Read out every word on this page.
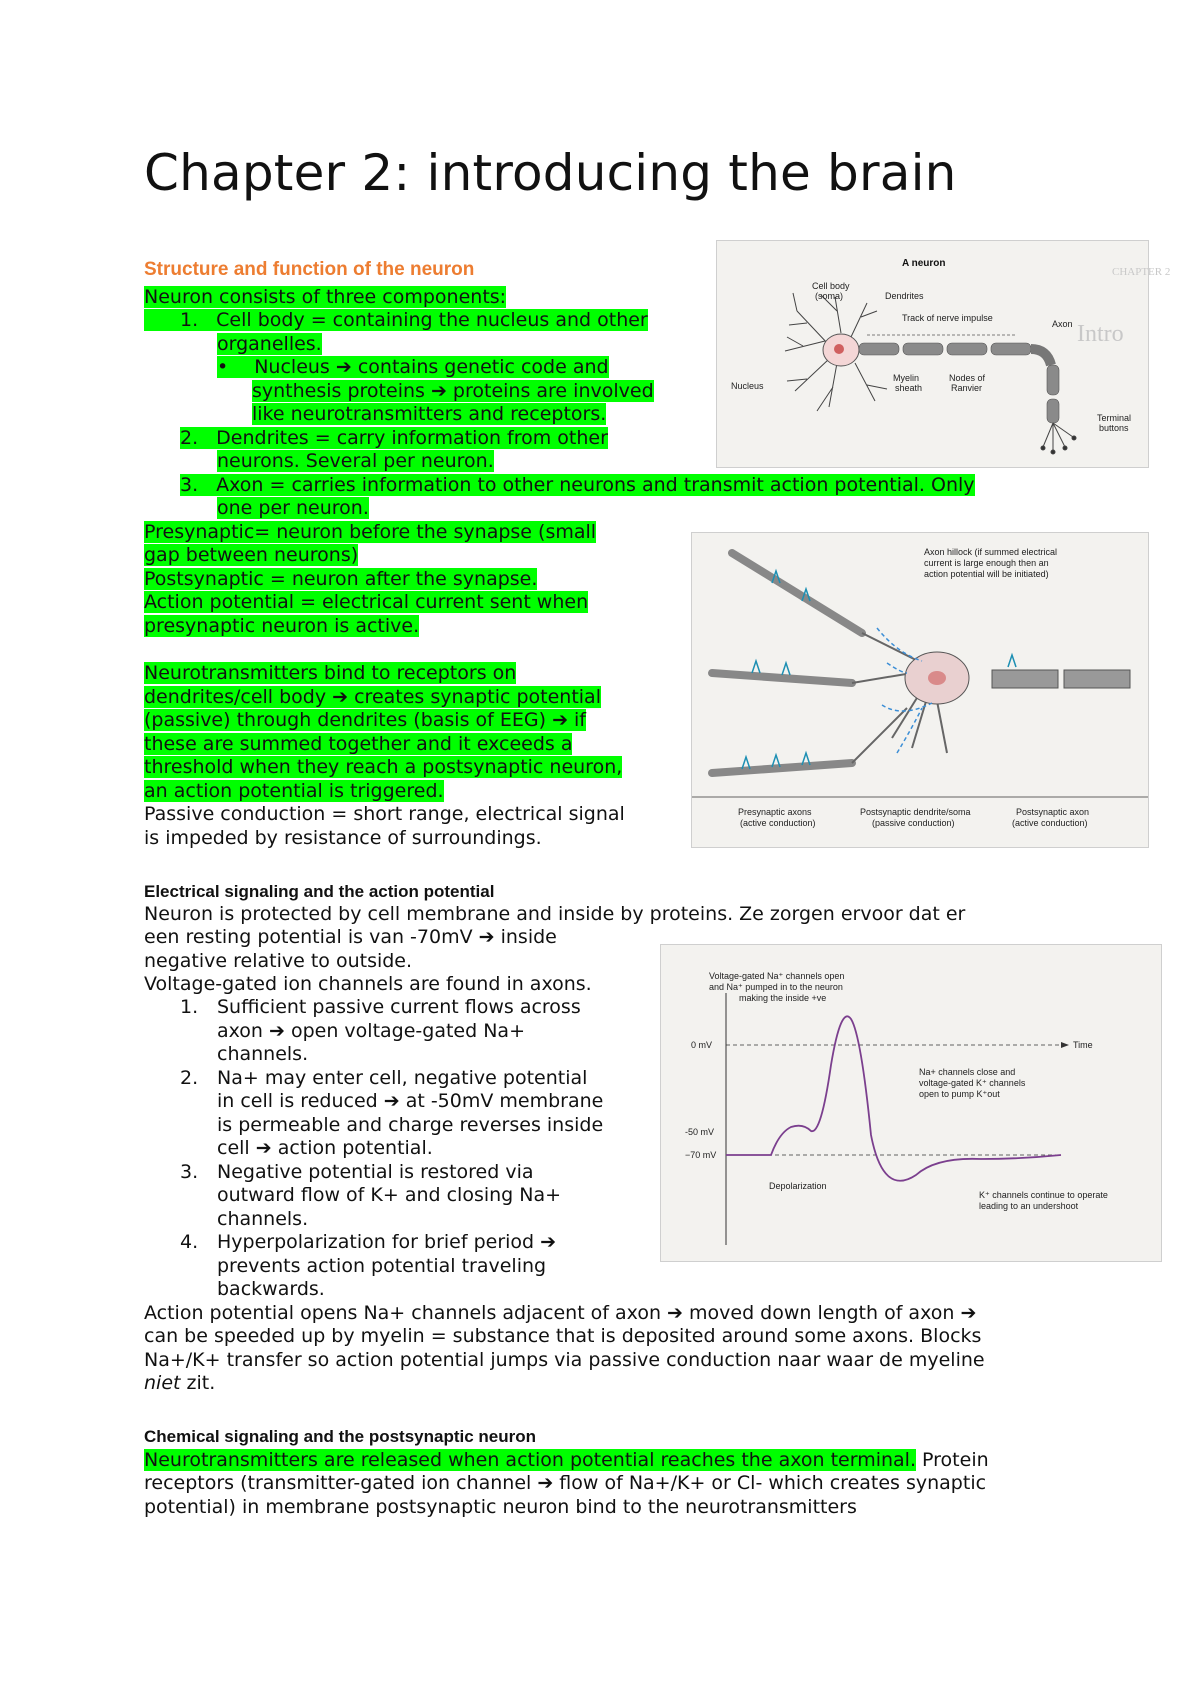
Chapter 2: introducing the brain
Structure and function of the neuron
Neuron consists of three components:
1. Cell body = containing the nucleus and other
organelles.
• Nucleus ➔ contains genetic code and
synthesis proteins ➔ proteins are involved
like neurotransmitters and receptors.
2. Dendrites = carry information from other
neurons. Several per neuron.
3. Axon = carries information to other neurons and transmit action potential. Only
one per neuron.
Presynaptic= neuron before the synapse (small
gap between neurons)
Postsynaptic = neuron after the synapse.
Action potential = electrical current sent when
presynaptic neuron is active.
Neurotransmitters bind to receptors on
dendrites/cell body ➔ creates synaptic potential
(passive) through dendrites (basis of EEG) ➔ if
these are summed together and it exceeds a
threshold when they reach a postsynaptic neuron,
an action potential is triggered.
Passive conduction = short range, electrical signal
is impeded by resistance of surroundings.
Electrical signaling and the action potential
Neuron is protected by cell membrane and inside by proteins. Ze zorgen ervoor dat er
een resting potential is van -70mV ➔ inside
negative relative to outside.
Voltage-gated ion channels are found in axons.
1. Sufficient passive current flows across
axon ➔ open voltage-gated Na+
channels.
2. Na+ may enter cell, negative potential
in cell is reduced ➔ at -50mV membrane
is permeable and charge reverses inside
cell ➔ action potential.
3. Negative potential is restored via
outward flow of K+ and closing Na+
channels.
4. Hyperpolarization for brief period ➔
prevents action potential traveling
backwards.
Action potential opens Na+ channels adjacent of axon ➔ moved down length of axon ➔
can be speeded up by myelin = substance that is deposited around some axons. Blocks
Na+/K+ transfer so action potential jumps via passive conduction naar waar de myeline
niet zit.
Chemical signaling and the postsynaptic neuron
Neurotransmitters are released when action potential reaches the axon terminal. Protein
receptors (transmitter-gated ion channel ➔ flow of Na+/K+ or Cl- which creates synaptic
potential) in membrane postsynaptic neuron bind to the neurotransmitters
CHAPTER 2
Intro
A neuron
Cell body
(soma)	Dendrites
Track of nerve impulse
Axon
Nucleus
Myelin
sheath
Nodes of
Ranvier
Terminal
buttons
Axon hillock (if summed electrical
current is large enough then an
action potential will be initiated)
Presynaptic axons
(active conduction)
Postsynaptic dendrite/soma
(passive conduction)
Postsynaptic axon
(active conduction)
Voltage-gated Na⁺ channels open
and Na⁺ pumped in to the neuron
making the inside +ve
0 mV	Time
-50 mV
−70 mV
Na+ channels close and
voltage-gated K⁺ channels
open to pump K⁺out
Depolarization
K⁺ channels continue to operate
leading to an undershoot
